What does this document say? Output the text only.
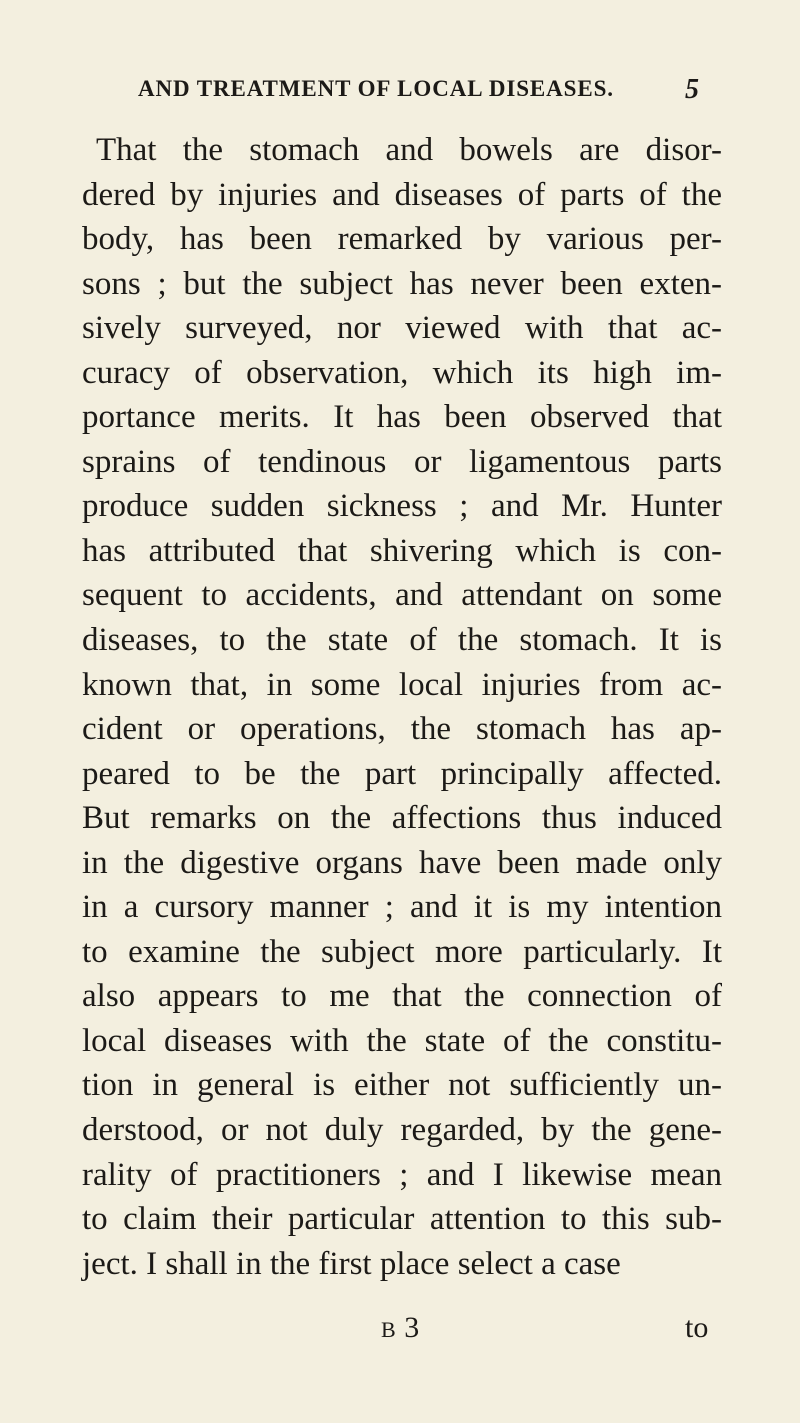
AND TREATMENT OF LOCAL DISEASES.	5
That the stomach and bowels are disor-
dered by injuries and diseases of parts of the
body, has been remarked by various per-
sons ; but the subject has never been exten-
sively surveyed, nor viewed with that ac-
curacy of observation, which its high im-
portance merits. It has been observed that
sprains of tendinous or ligamentous parts
produce sudden sickness ; and Mr. Hunter
has attributed that shivering which is con-
sequent to accidents, and attendant on some
diseases, to the state of the stomach. It is
known that, in some local injuries from ac-
cident or operations, the stomach has ap-
peared to be the part principally affected.
But remarks on the affections thus induced
in the digestive organs have been made only
in a cursory manner ; and it is my intention
to examine the subject more particularly. It
also appears to me that the connection of
local diseases with the state of the constitu-
tion in general is either not sufficiently un-
derstood, or not duly regarded, by the gene-
rality of practitioners ; and I likewise mean
to claim their particular attention to this sub-
ject. I shall in the first place select a case
B 3	to
